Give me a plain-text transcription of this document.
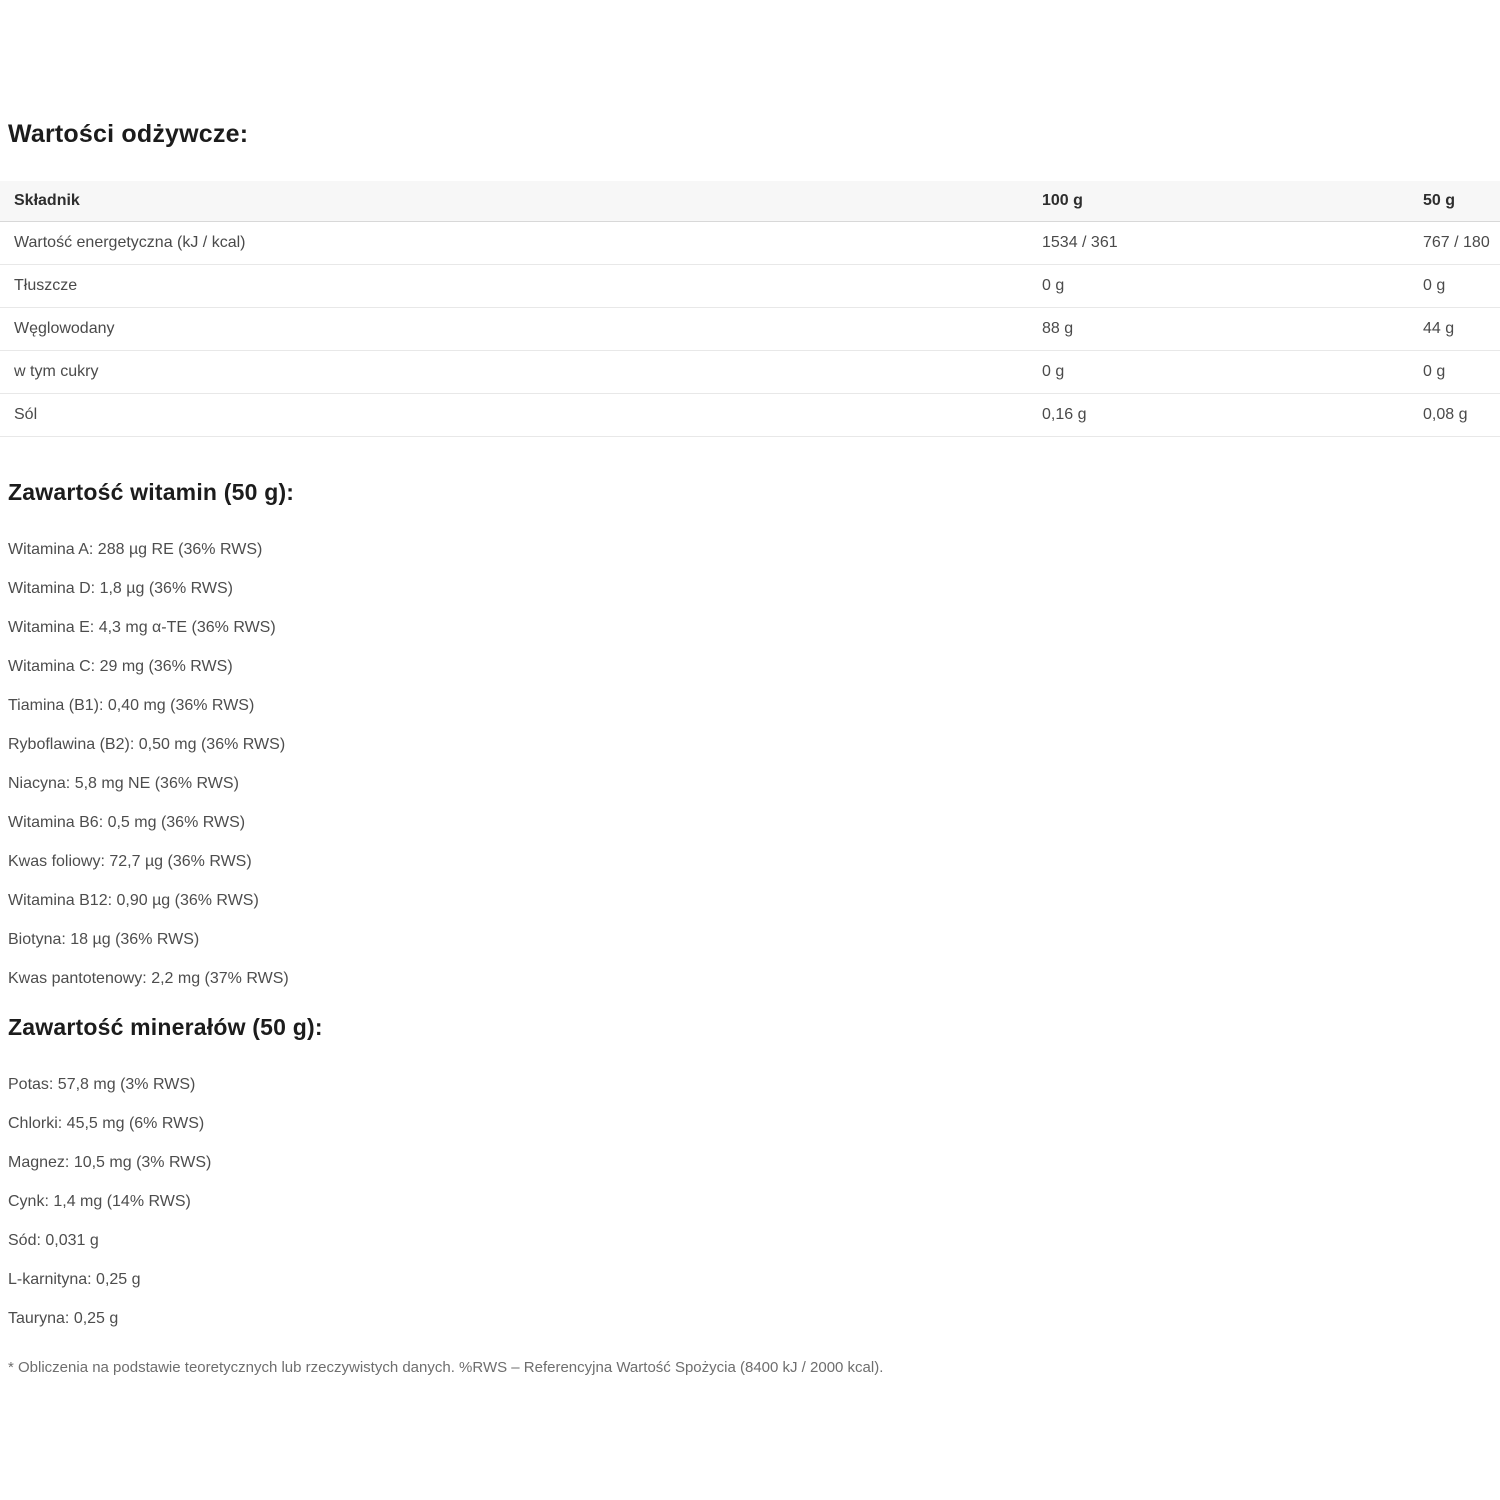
Wartości odżywcze:
Składnik	100 g	50 g
Wartość energetyczna (kJ / kcal)	1534 / 361	767 / 180
Tłuszcze	0 g	0 g
Węglowodany	88 g	44 g
w tym cukry	0 g	0 g
Sól	0,16 g	0,08 g
Zawartość witamin (50 g):

Witamina A: 288 µg RE (36% RWS)

Witamina D: 1,8 µg (36% RWS)

Witamina E: 4,3 mg α-TE (36% RWS)

Witamina C: 29 mg (36% RWS)

Tiamina (B1): 0,40 mg (36% RWS)

Ryboflawina (B2): 0,50 mg (36% RWS)

Niacyna: 5,8 mg NE (36% RWS)

Witamina B6: 0,5 mg (36% RWS)

Kwas foliowy: 72,7 µg (36% RWS)

Witamina B12: 0,90 µg (36% RWS)

Biotyna: 18 µg (36% RWS)

Kwas pantotenowy: 2,2 mg (37% RWS)

Zawartość minerałów (50 g):

Potas: 57,8 mg (3% RWS)

Chlorki: 45,5 mg (6% RWS)

Magnez: 10,5 mg (3% RWS)

Cynk: 1,4 mg (14% RWS)

Sód: 0,031 g

L-karnityna: 0,25 g

Tauryna: 0,25 g

* Obliczenia na podstawie teoretycznych lub rzeczywistych danych. %RWS – Referencyjna Wartość Spożycia (8400 kJ / 2000 kcal).
